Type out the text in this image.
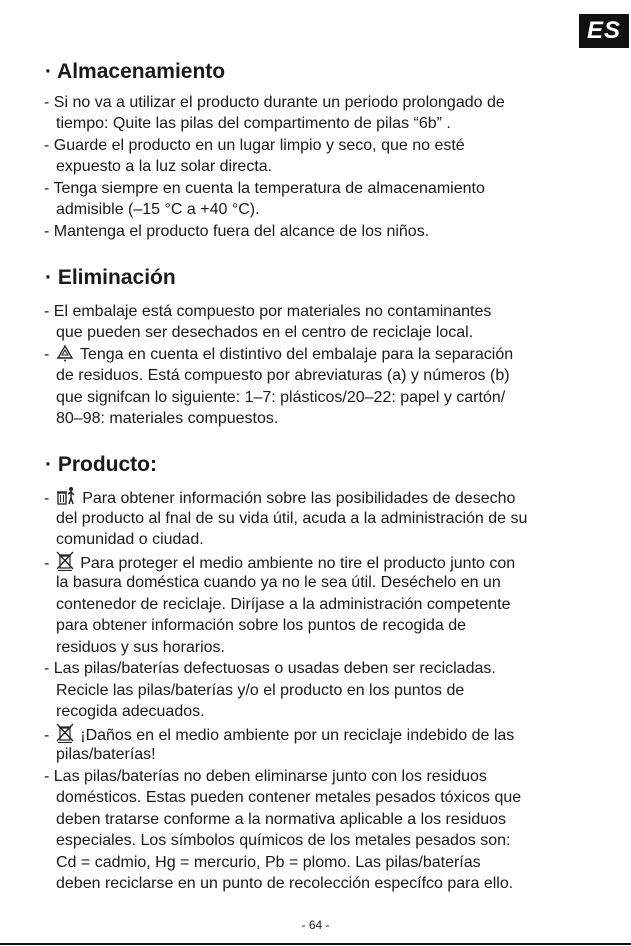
ES
· Almacenamiento
- Si no va a utilizar el producto durante un periodo prolongado de
tiempo: Quite las pilas del compartimento de pilas “6b” .
- Guarde el producto en un lugar limpio y seco, que no esté
expuesto a la luz solar directa.
- Tenga siempre en cuenta la temperatura de almacenamiento
admisible (–15 °C a +40 °C).
- Mantenga el producto fuera del alcance de los niños.
· Eliminación
- El embalaje está compuesto por materiales no contaminantes
que pueden ser desechados en el centro de reciclaje local.
- Tenga en cuenta el distintivo del embalaje para la separación
de residuos. Está compuesto por abreviaturas (a) y números (b)
que signifcan lo siguiente: 1–7: plásticos/20–22: papel y cartón/
80–98: materiales compuestos.
· Producto:
- Para obtener información sobre las posibilidades de desecho
del producto al fnal de su vida útil, acuda a la administración de su
comunidad o ciudad.
- Para proteger el medio ambiente no tire el producto junto con
la basura doméstica cuando ya no le sea útil. Deséchelo en un
contenedor de reciclaje. Diríjase a la administración competente
para obtener información sobre los puntos de recogida de
residuos y sus horarios.
- Las pilas/baterías defectuosas o usadas deben ser recicladas.
Recicle las pilas/baterías y/o el producto en los puntos de
recogida adecuados.
- ¡Daños en el medio ambiente por un reciclaje indebido de las
pilas/baterías!
- Las pilas/baterías no deben eliminarse junto con los residuos
domésticos. Estas pueden contener metales pesados tóxicos que
deben tratarse conforme a la normativa aplicable a los residuos
especiales. Los símbolos químicos de los metales pesados son:
Cd = cadmio, Hg = mercurio, Pb = plomo. Las pilas/baterías
deben reciclarse en un punto de recolección específco para ello.
- 64 -
